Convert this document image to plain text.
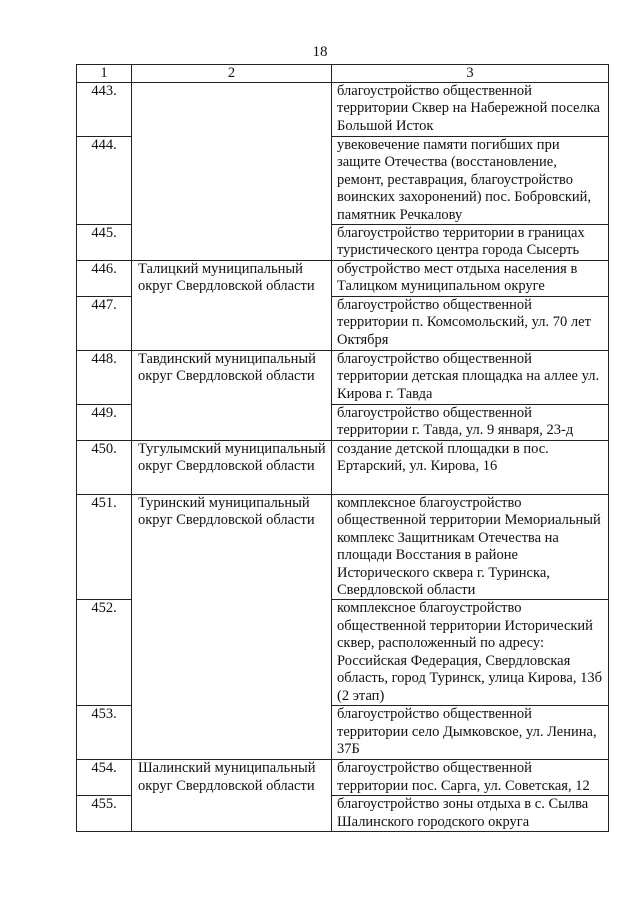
18
1	2	3
443.		благоустройство общественной территории Сквер на Набережной поселка Большой Исток
444.		увековечение памяти погибших при защите Отечества (восстановление, ремонт, реставрация, благоустройство воинских захоронений) пос. Бобровский, памятник Речкалову
445.		благоустройство территории в границах туристического центра города Сысерть
446.	Талицкий муниципальный округ Свердловской области	обустройство мест отдыха населения в Талицком муниципальном округе
447.		благоустройство общественной территории п. Комсомольский, ул. 70 лет Октября
448.	Тавдинский муниципальный округ Свердловской области	благоустройство общественной территории детская площадка на аллее ул. Кирова г. Тавда
449.		благоустройство общественной территории г. Тавда, ул. 9 января, 23-д
450.	Тугулымский муниципальный округ Свердловской области	создание детской площадки в пос. Ертарский, ул. Кирова, 16
451.	Туринский муниципальный округ Свердловской области	комплексное благоустройство общественной территории Мемориальный комплекс Защитникам Отечества на площади Восстания в районе Исторического сквера г. Туринска, Свердловской области
452.		комплексное благоустройство общественной территории Исторический сквер, расположенный по адресу: Российская Федерация, Свердловская область, город Туринск, улица Кирова, 13б (2 этап)
453.		благоустройство общественной территории село Дымковское, ул. Ленина, 37Б
454.	Шалинский муниципальный округ Свердловской области	благоустройство общественной территории пос. Сарга, ул. Советская, 12
455.		благоустройство зоны отдыха в с. Сылва Шалинского городского округа
